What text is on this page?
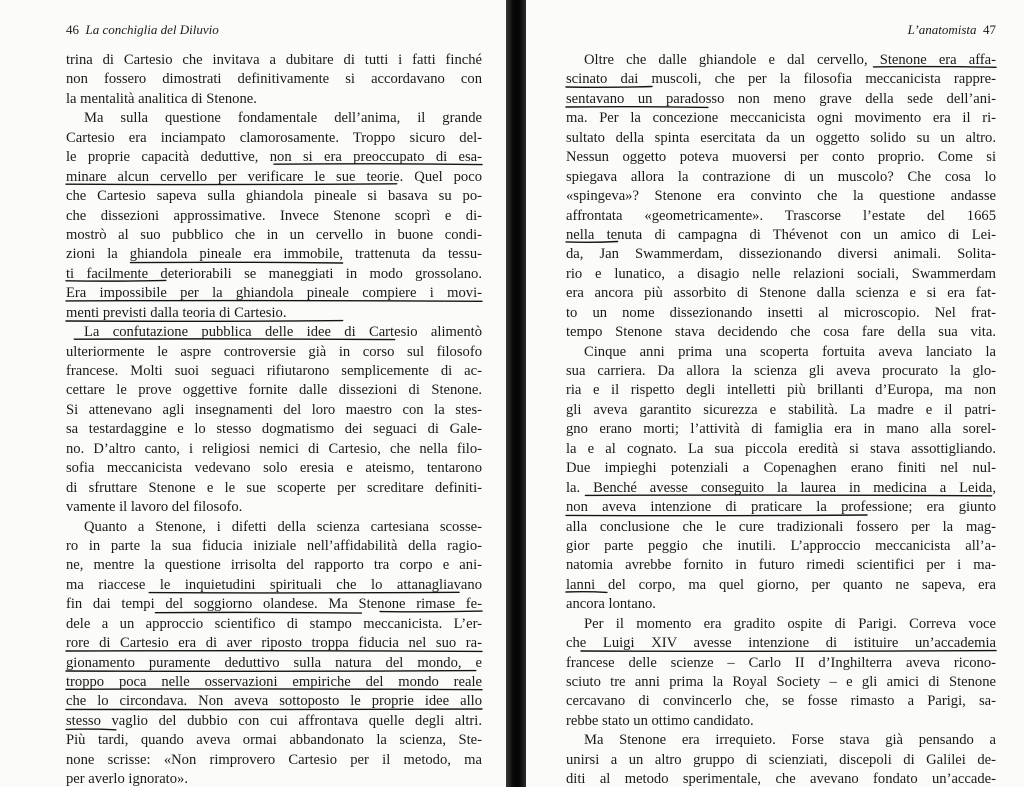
46 La conchiglia del Diluvio
trina di Cartesio che invitava a dubitare di tutti i fatti finché
non fossero dimostrati definitivamente si accordavano con
la mentalità analitica di Stenone.
Ma sulla questione fondamentale dell’anima, il grande
Cartesio era inciampato clamorosamente. Troppo sicuro del-
le proprie capacità deduttive, non si era preoccupato di esa-
minare alcun cervello per verificare le sue teorie. Quel poco
che Cartesio sapeva sulla ghiandola pineale si basava su po-
che dissezioni approssimative. Invece Stenone scoprì e di-
mostrò al suo pubblico che in un cervello in buone condi-
zioni la ghiandola pineale era immobile, trattenuta da tessu-
ti facilmente deteriorabili se maneggiati in modo grossolano.
Era impossibile per la ghiandola pineale compiere i movi-
menti previsti dalla teoria di Cartesio.
La confutazione pubblica delle idee di Cartesio alimentò
ulteriormente le aspre controversie già in corso sul filosofo
francese. Molti suoi seguaci rifiutarono semplicemente di ac-
cettare le prove oggettive fornite dalle dissezioni di Stenone.
Si attenevano agli insegnamenti del loro maestro con la stes-
sa testardaggine e lo stesso dogmatismo dei seguaci di Gale-
no. D’altro canto, i religiosi nemici di Cartesio, che nella filo-
sofia meccanicista vedevano solo eresia e ateismo, tentarono
di sfruttare Stenone e le sue scoperte per screditare definiti-
vamente il lavoro del filosofo.
Quanto a Stenone, i difetti della scienza cartesiana scosse-
ro in parte la sua fiducia iniziale nell’affidabilità della ragio-
ne, mentre la questione irrisolta del rapporto tra corpo e ani-
ma riaccese le inquietudini spirituali che lo attanagliavano
fin dai tempi del soggiorno olandese. Ma Stenone rimase fe-
dele a un approccio scientifico di stampo meccanicista. L’er-
rore di Cartesio era di aver riposto troppa fiducia nel suo ra-
gionamento puramente deduttivo sulla natura del mondo, e
troppo poca nelle osservazioni empiriche del mondo reale
che lo circondava. Non aveva sottoposto le proprie idee allo
stesso vaglio del dubbio con cui affrontava quelle degli altri.
Più tardi, quando aveva ormai abbandonato la scienza, Ste-
none scrisse: «Non rimprovero Cartesio per il metodo, ma
per averlo ignorato».
L’anatomista 47
Oltre che dalle ghiandole e dal cervello, Stenone era affa-
scinato dai muscoli, che per la filosofia meccanicista rappre-
sentavano un paradosso non meno grave della sede dell’ani-
ma. Per la concezione meccanicista ogni movimento era il ri-
sultato della spinta esercitata da un oggetto solido su un altro.
Nessun oggetto poteva muoversi per conto proprio. Come si
spiegava allora la contrazione di un muscolo? Che cosa lo
«spingeva»? Stenone era convinto che la questione andasse
affrontata «geometricamente». Trascorse l’estate del 1665
nella tenuta di campagna di Thévenot con un amico di Lei-
da, Jan Swammerdam, dissezionando diversi animali. Solita-
rio e lunatico, a disagio nelle relazioni sociali, Swammerdam
era ancora più assorbito di Stenone dalla scienza e si era fat-
to un nome dissezionando insetti al microscopio. Nel frat-
tempo Stenone stava decidendo che cosa fare della sua vita.
Cinque anni prima una scoperta fortuita aveva lanciato la
sua carriera. Da allora la scienza gli aveva procurato la glo-
ria e il rispetto degli intelletti più brillanti d’Europa, ma non
gli aveva garantito sicurezza e stabilità. La madre e il patri-
gno erano morti; l’attività di famiglia era in mano alla sorel-
la e al cognato. La sua piccola eredità si stava assottigliando.
Due impieghi potenziali a Copenaghen erano finiti nel nul-
la. Benché avesse conseguito la laurea in medicina a Leida,
non aveva intenzione di praticare la professione; era giunto
alla conclusione che le cure tradizionali fossero per la mag-
gior parte peggio che inutili. L’approccio meccanicista all’a-
natomia avrebbe fornito in futuro rimedi scientifici per i ma-
lanni del corpo, ma quel giorno, per quanto ne sapeva, era
ancora lontano.
Per il momento era gradito ospite di Parigi. Correva voce
che Luigi XIV avesse intenzione di istituire un’accademia
francese delle scienze – Carlo II d’Inghilterra aveva ricono-
sciuto tre anni prima la Royal Society – e gli amici di Stenone
cercavano di convincerlo che, se fosse rimasto a Parigi, sa-
rebbe stato un ottimo candidato.
Ma Stenone era irrequieto. Forse stava già pensando a
unirsi a un altro gruppo di scienziati, discepoli di Galilei de-
diti al metodo sperimentale, che avevano fondato un’accade-
